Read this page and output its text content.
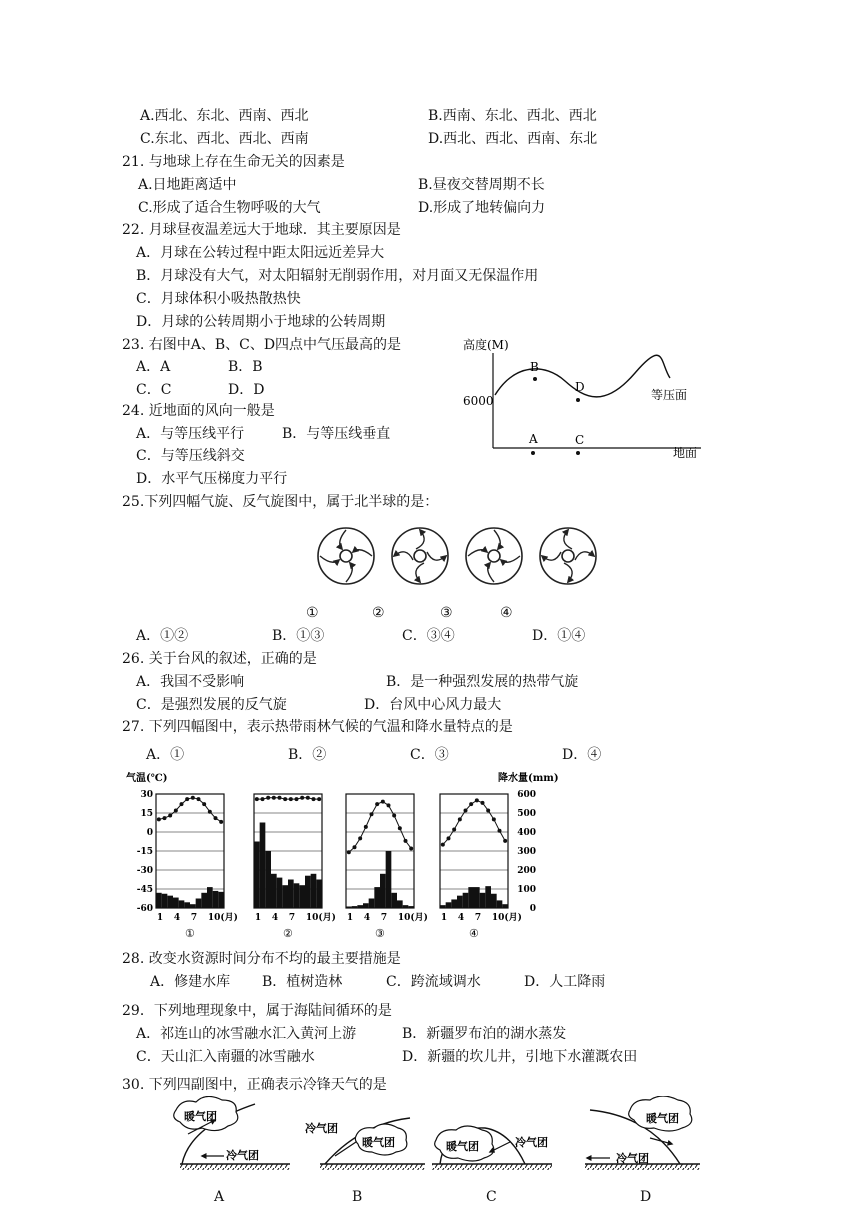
A.西北、东北、西南、西北	B.西南、东北、西北、西北
C.东北、西北、西北、西南	D.西北、西北、西南、东北
21. 与地球上存在生命无关的因素是
A.日地距离适中	B.昼夜交替周期不长
C.形成了适合生物呼吸的大气	D.形成了地转偏向力
22. 月球昼夜温差远大于地球．其主要原因是
A．月球在公转过程中距太阳远近差异大
B．月球没有大气，对太阳辐射无削弱作用，对月面又无保温作用
C．月球体积小吸热散热快
D．月球的公转周期小于地球的公转周期
23. 右图中A、B、C、D四点中气压最高的是
A．A	B．B
C．C	D．D
高度(M)
6000	等压面
B
D
A	C
地面
24. 近地面的风向一般是
A．与等压线平行	B．与等压线垂直
C．与等压线斜交
D．水平气压梯度力平行
25.下列四幅气旋、反气旋图中，属于北半球的是：
①	②	③	④
A．①②	B．①③	C．③④	D．①④
26. 关于台风的叙述，正确的是
A．我国不受影响	B．是一种强烈发展的热带气旋
C．是强烈发展的反气旋	D．台风中心风力最大
27. 下列四幅图中，表示热带雨林气候的气温和降水量特点的是
A．①	B．②	C．③	D．④
气温(℃)	降水量(mm)
30
15
0
-15
-30
-45
-60
600
500
400
300
200
100
0
1 4 7 10(月)
①
1 4 7 10(月)
②
1 4 7 10(月)
③
1 4 7 10(月)
④
28. 改变水资源时间分布不均的最主要措施是
A．修建水库 B．植树造林	C．跨流域调水	D．人工降雨
29．下列地理现象中，属于海陆间循环的是
A．祁连山的冰雪融水汇入黄河上游	B．新疆罗布泊的湖水蒸发
C．天山汇入南疆的冰雪融水	D．新疆的坎儿井，引地下水灌溉农田
30. 下列四副图中，正确表示冷锋天气的是
暖气团
冷气团
冷气团
暖气团	暖气团	冷气团
暖气团
冷气团
A	B	C	D
